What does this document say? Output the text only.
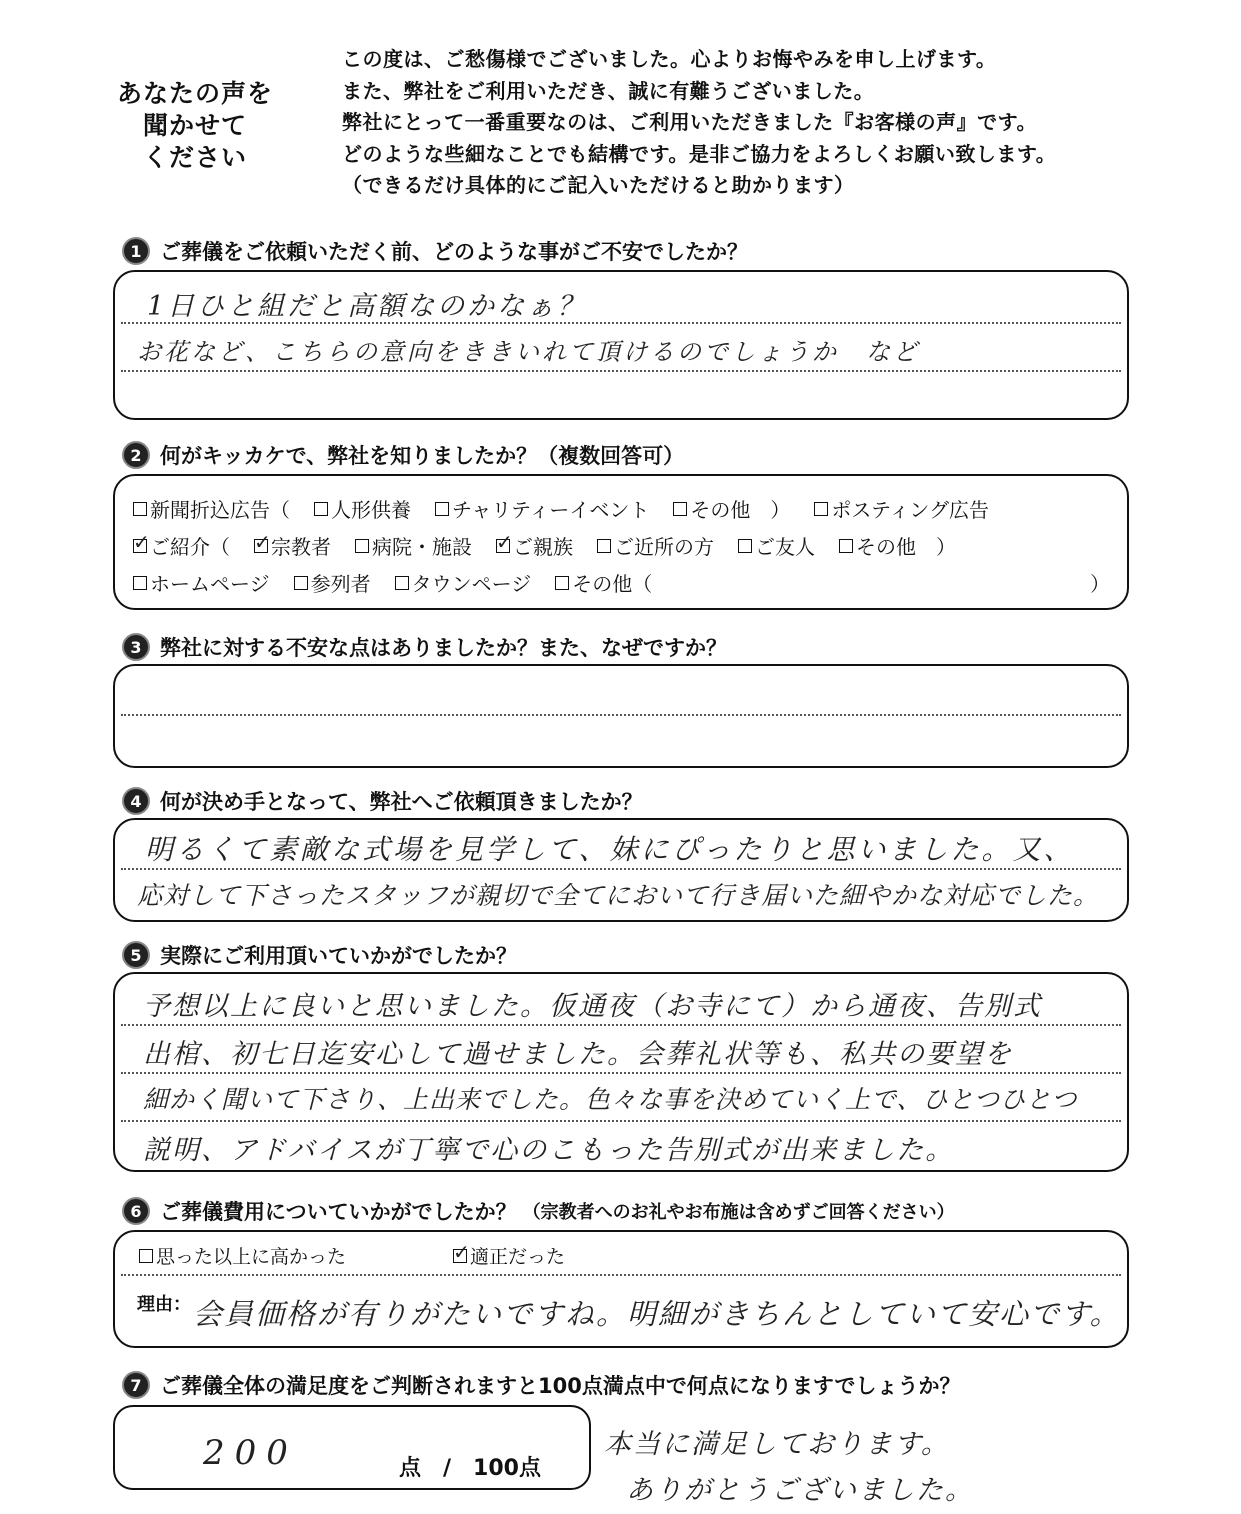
あなたの声を
聞かせて
ください
この度は、ご愁傷様でございました。心よりお悔やみを申し上げます。
また、弊社をご利用いただき、誠に有難うございました。
弊社にとって一番重要なのは、ご利用いただきました『お客様の声』です。
どのような些細なことでも結構です。是非ご協力をよろしくお願い致します。
（できるだけ具体的にご記入いただけると助かります）
1 ご葬儀をご依頼いただく前、どのような事がご不安でしたか？
1日ひと組だと高額なのかなぁ？
お花など、こちらの意向をききいれて頂けるのでしょうか　など
2 何がキッカケで、弊社を知りましたか？（複数回答可）
新聞折込広告（ 人形供養 チャリティーイベント その他　） ポスティング広告
✓
ご紹介（ ✓ 宗教者 病院・施設 ✓ ご親族 ご近所の方 ご友人 その他　）
ホームページ 参列者 タウンページ その他（	）
3 弊社に対する不安な点はありましたか？また、なぜですか？
4 何が決め手となって、弊社へご依頼頂きましたか？
明るくて素敵な式場を見学して、妹にぴったりと思いました。又、
応対して下さったスタッフが親切で全てにおいて行き届いた細やかな対応でした。
5 実際にご利用頂いていかがでしたか？
予想以上に良いと思いました。仮通夜（お寺にて）から通夜、告別式
出棺、初七日迄安心して過せました。会葬礼状等も、私共の要望を
細かく聞いて下さり、上出来でした。色々な事を決めていく上で、ひとつひとつ
説明、アドバイスが丁寧で心のこもった告別式が出来ました。
6 ご葬儀費用についていかがでしたか？ （宗教者へのお礼やお布施は含めずご回答ください）
思った以上に高かった ✓	適正だった
理由： 会員価格が有りがたいですね。明細がきちんとしていて安心です。
7 ご葬儀全体の満足度をご判断されますと100点満点中で何点になりますでしょうか？
200	点　/　100点
本当に満足しております。
ありがとうございました。
